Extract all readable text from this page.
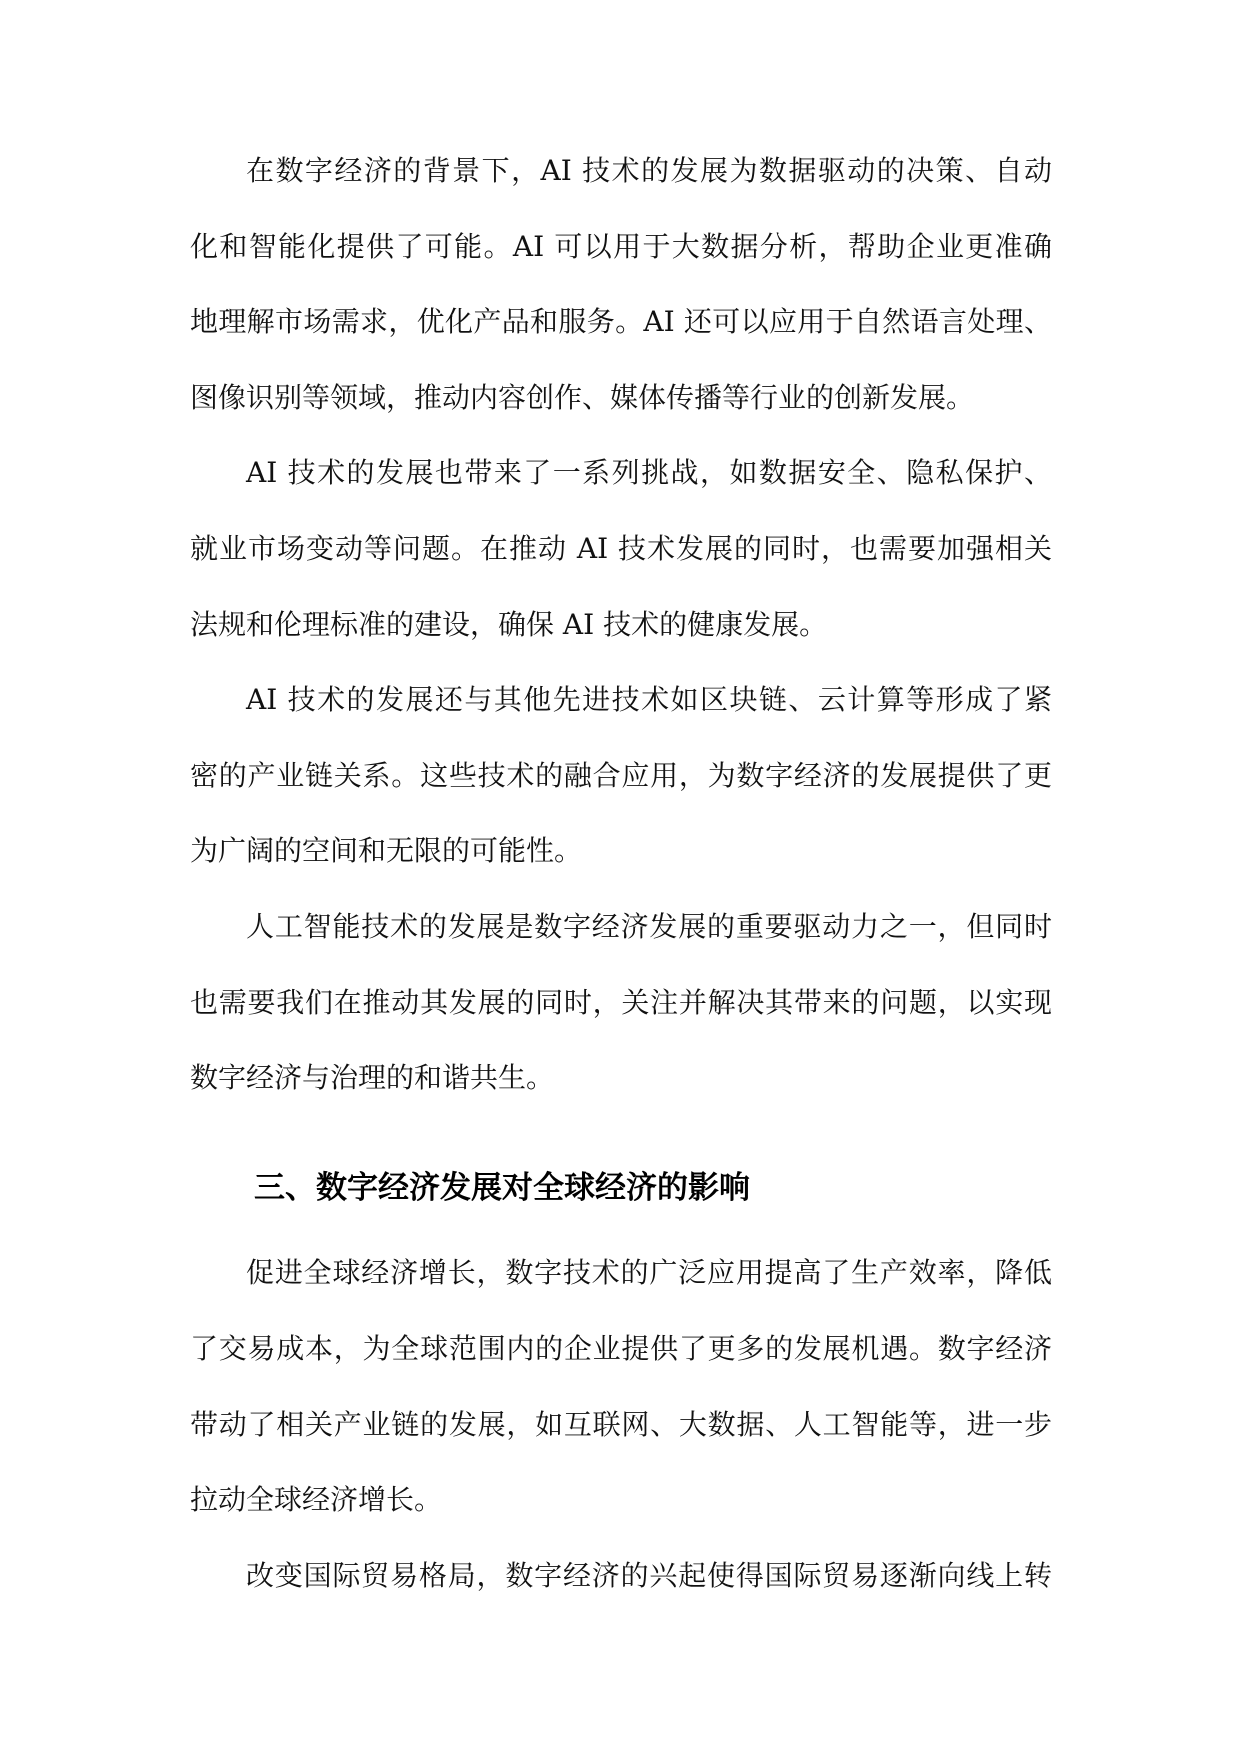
在数字经济的背景下，AI 技术的发展为数据驱动的决策、自动
化和智能化提供了可能。AI 可以用于大数据分析，帮助企业更准确
地理解市场需求，优化产品和服务。AI 还可以应用于自然语言处理、
图像识别等领域，推动内容创作、媒体传播等行业的创新发展。
AI 技术的发展也带来了一系列挑战，如数据安全、隐私保护、
就业市场变动等问题。在推动 AI 技术发展的同时，也需要加强相关
法规和伦理标准的建设，确保 AI 技术的健康发展。
AI 技术的发展还与其他先进技术如区块链、云计算等形成了紧
密的产业链关系。这些技术的融合应用，为数字经济的发展提供了更
为广阔的空间和无限的可能性。
人工智能技术的发展是数字经济发展的重要驱动力之一，但同时
也需要我们在推动其发展的同时，关注并解决其带来的问题，以实现
数字经济与治理的和谐共生。
三、数字经济发展对全球经济的影响
促进全球经济增长，数字技术的广泛应用提高了生产效率，降低
了交易成本，为全球范围内的企业提供了更多的发展机遇。数字经济
带动了相关产业链的发展，如互联网、大数据、人工智能等，进一步
拉动全球经济增长。
改变国际贸易格局，数字经济的兴起使得国际贸易逐渐向线上转
